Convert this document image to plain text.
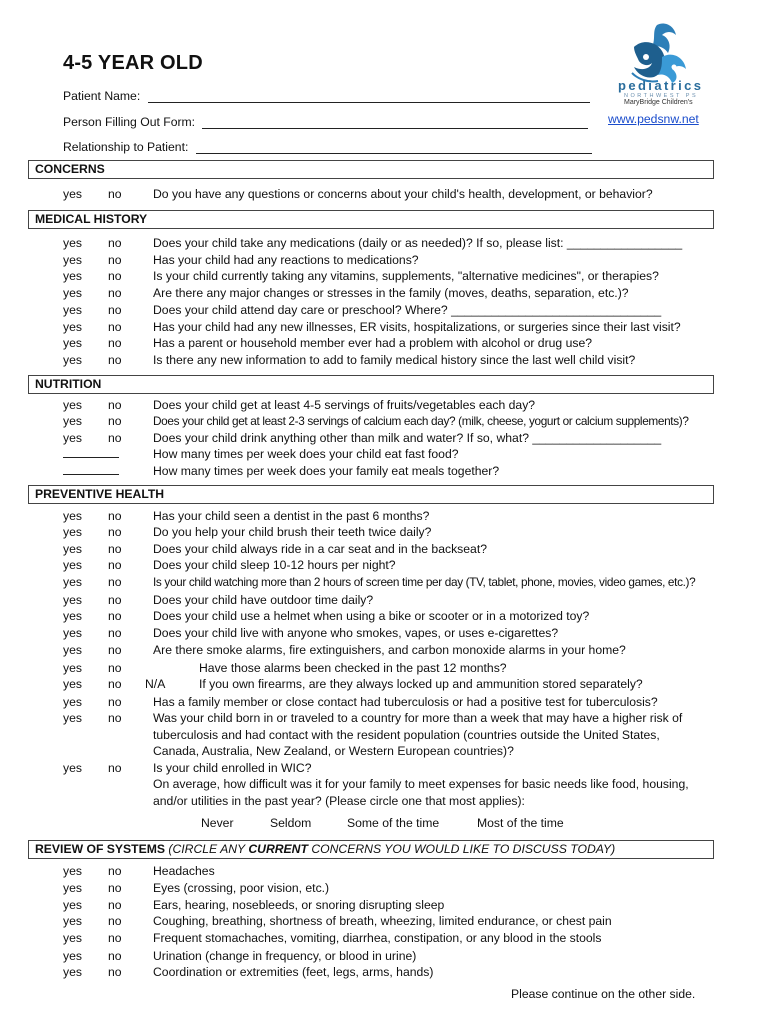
4-5 YEAR OLD
Patient Name:
Person Filling Out Form:
Relationship to Patient:
pediatrics
NORTHWEST PS
MaryBridge Children's
www.pedsnw.net
CONCERNS
yes no	Do you have any questions or concerns about your child's health, development, or behavior?
MEDICAL HISTORY
yes no	Does your child take any medications (daily or as needed)? If so, please list: _________________
yes no	Has your child had any reactions to medications?
yes no	Is your child currently taking any vitamins, supplements, "alternative medicines", or therapies?
yes no	Are there any major changes or stresses in the family (moves, deaths, separation, etc.)?
yes no	Does your child attend day care or preschool? Where? _______________________________
yes no	Has your child had any new illnesses, ER visits, hospitalizations, or surgeries since their last visit?
yes no	Has a parent or household member ever had a problem with alcohol or drug use?
yes no	Is there any new information to add to family medical history since the last well child visit?
NUTRITION
yes no	Does your child get at least 4-5 servings of fruits/vegetables each day?
yes no	Does your child get at least 2-3 servings of calcium each day? (milk, cheese, yogurt or calcium supplements)?
yes no	Does your child drink anything other than milk and water? If so, what? ___________________
How many times per week does your child eat fast food?
How many times per week does your family eat meals together?
PREVENTIVE HEALTH
yes no	Has your child seen a dentist in the past 6 months?
yes no	Do you help your child brush their teeth twice daily?
yes no	Does your child always ride in a car seat and in the backseat?
yes no	Does your child sleep 10-12 hours per night?
yes no	Is your child watching more than 2 hours of screen time per day (TV, tablet, phone, movies, video games, etc.)?
yes no	Does your child have outdoor time daily?
yes no	Does your child use a helmet when using a bike or scooter or in a motorized toy?
yes no	Does your child live with anyone who smokes, vapes, or uses e-cigarettes?
yes no	Are there smoke alarms, fire extinguishers, and carbon monoxide alarms in your home?
yes no	Have those alarms been checked in the past 12 months?
yes no N/A	If you own firearms, are they always locked up and ammunition stored separately?
yes no	Has a family member or close contact had tuberculosis or had a positive test for tuberculosis?
yes no	Was your child born in or traveled to a country for more than a week that may have a higher risk of
tuberculosis and had contact with the resident population (countries outside the United States,
Canada, Australia, New Zealand, or Western European countries)?
yes no	Is your child enrolled in WIC?
On average, how difficult was it for your family to meet expenses for basic needs like food, housing,
and/or utilities in the past year? (Please circle one that most applies):
Never	Seldom	Some of the time	Most of the time
REVIEW OF SYSTEMS (CIRCLE ANY CURRENT CONCERNS YOU WOULD LIKE TO DISCUSS TODAY)
yes no	Headaches
yes no	Eyes (crossing, poor vision, etc.)
yes no	Ears, hearing, nosebleeds, or snoring disrupting sleep
yes no	Coughing, breathing, shortness of breath, wheezing, limited endurance, or chest pain
yes no	Frequent stomachaches, vomiting, diarrhea, constipation, or any blood in the stools
yes no	Urination (change in frequency, or blood in urine)
yes no	Coordination or extremities (feet, legs, arms, hands)
Please continue on the other side.
